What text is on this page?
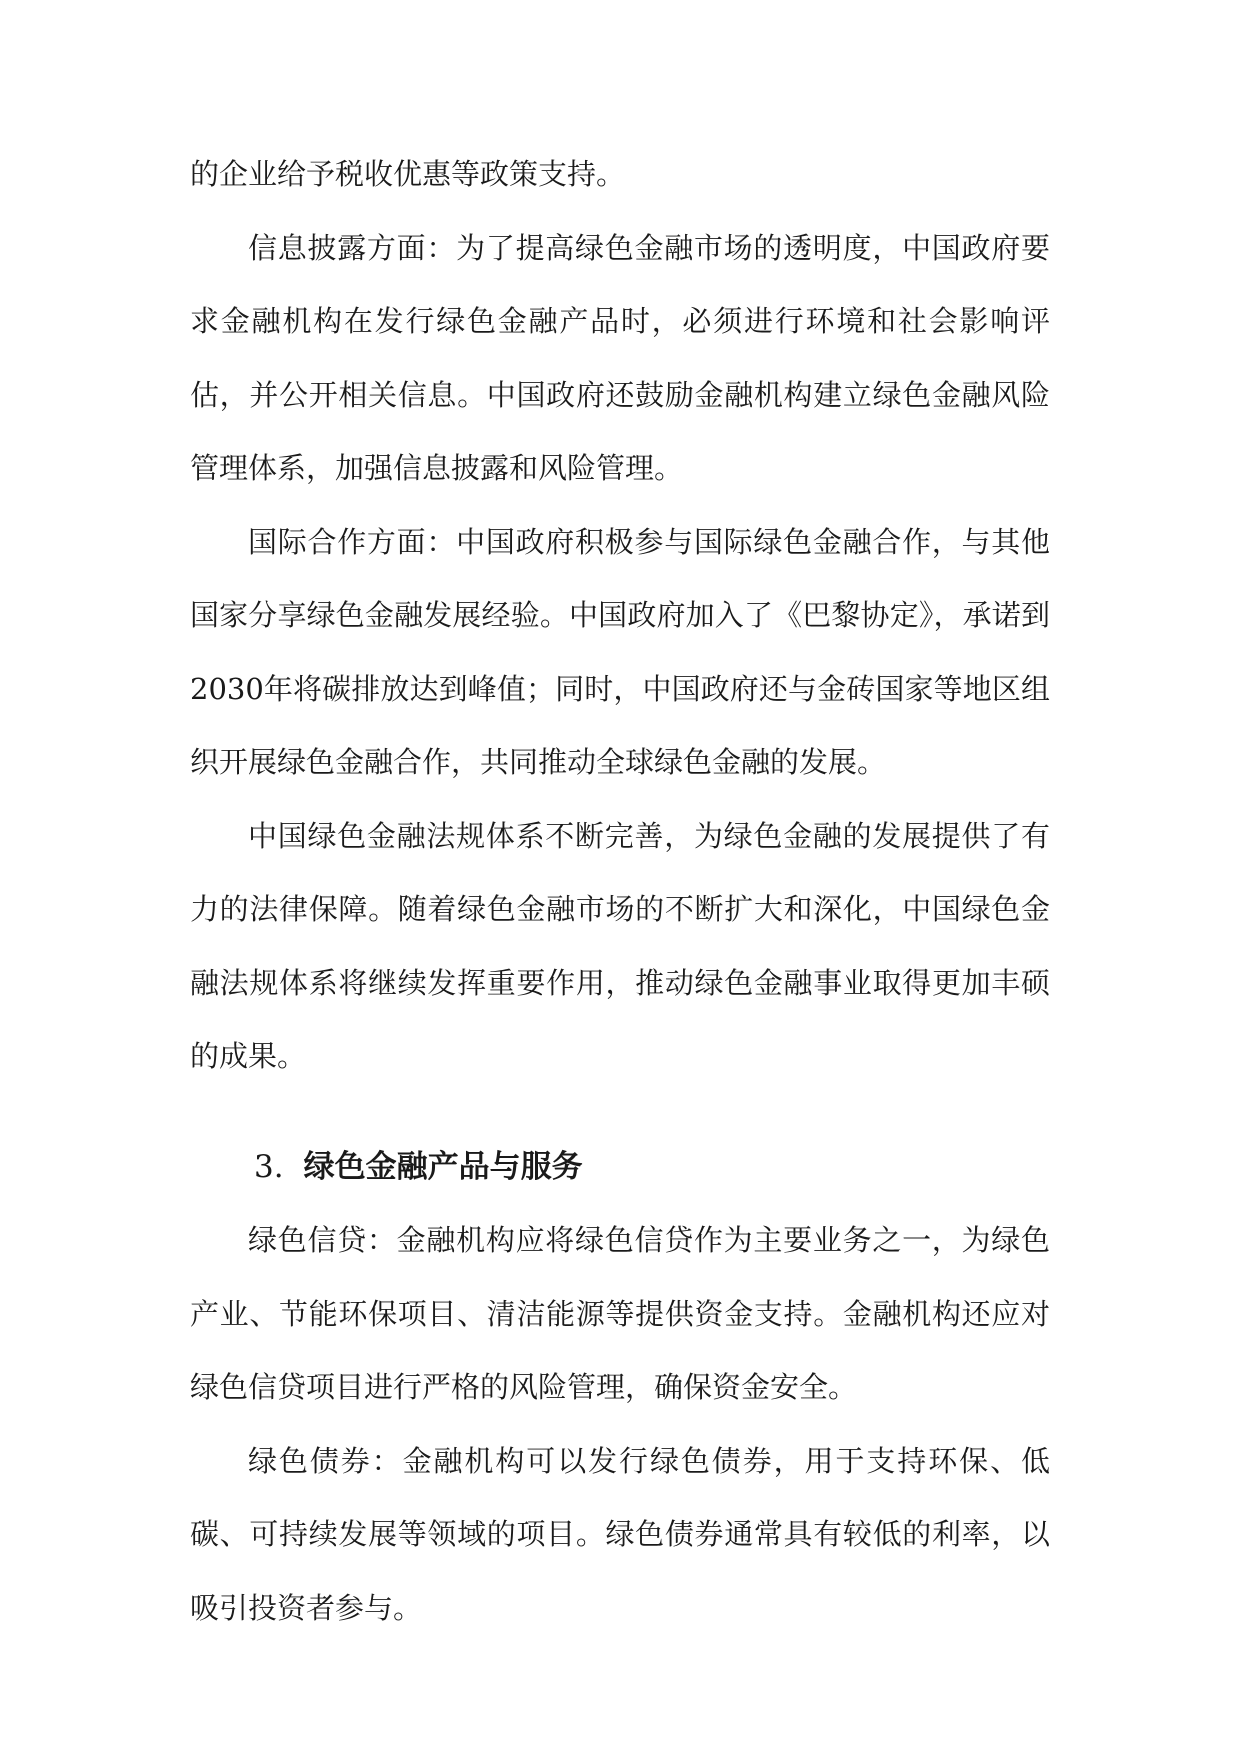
的企业给予税收优惠等政策支持。

信息披露方面：为了提高绿色金融市场的透明度，中国政府要求金融机构在发行绿色金融产品时，必须进行环境和社会影响评估，并公开相关信息。中国政府还鼓励金融机构建立绿色金融风险管理体系，加强信息披露和风险管理。

国际合作方面：中国政府积极参与国际绿色金融合作，与其他国家分享绿色金融发展经验。中国政府加入了《巴黎协定》，承诺到2030年将碳排放达到峰值；同时，中国政府还与金砖国家等地区组织开展绿色金融合作，共同推动全球绿色金融的发展。

中国绿色金融法规体系不断完善，为绿色金融的发展提供了有力的法律保障。随着绿色金融市场的不断扩大和深化，中国绿色金融法规体系将继续发挥重要作用，推动绿色金融事业取得更加丰硕的成果。

3. 绿色金融产品与服务

绿色信贷：金融机构应将绿色信贷作为主要业务之一，为绿色产业、节能环保项目、清洁能源等提供资金支持。金融机构还应对绿色信贷项目进行严格的风险管理，确保资金安全。

绿色债券：金融机构可以发行绿色债券，用于支持环保、低碳、可持续发展等领域的项目。绿色债券通常具有较低的利率，以吸引投资者参与。
